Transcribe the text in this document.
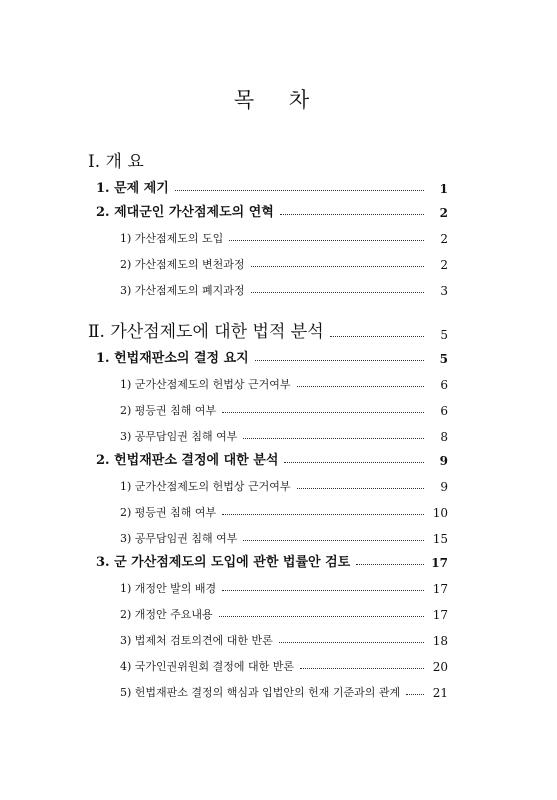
목 차
Ⅰ. 개 요
1. 문제 제기	1
2. 제대군인 가산점제도의 연혁	2
1) 가산점제도의 도입	2
2) 가산점제도의 변천과정	2
3) 가산점제도의 폐지과정	3
Ⅱ. 가산점제도에 대한 법적 분석	5
1. 헌법재판소의 결정 요지	5
1) 군가산점제도의 헌법상 근거여부	6
2) 평등권 침해 여부	6
3) 공무담임권 침해 여부	8
2. 헌법재판소 결정에 대한 분석	9
1) 군가산점제도의 헌법상 근거여부	9
2) 평등권 침해 여부	10
3) 공무담임권 침해 여부	15
3. 군 가산점제도의 도입에 관한 법률안 검토	17
1) 개정안 발의 배경	17
2) 개정안 주요내용	17
3) 법제처 검토의견에 대한 반론	18
4) 국가인권위원회 결정에 대한 반론	20
5) 헌법재판소 결정의 핵심과 입법안의 헌재 기준과의 관계	21
